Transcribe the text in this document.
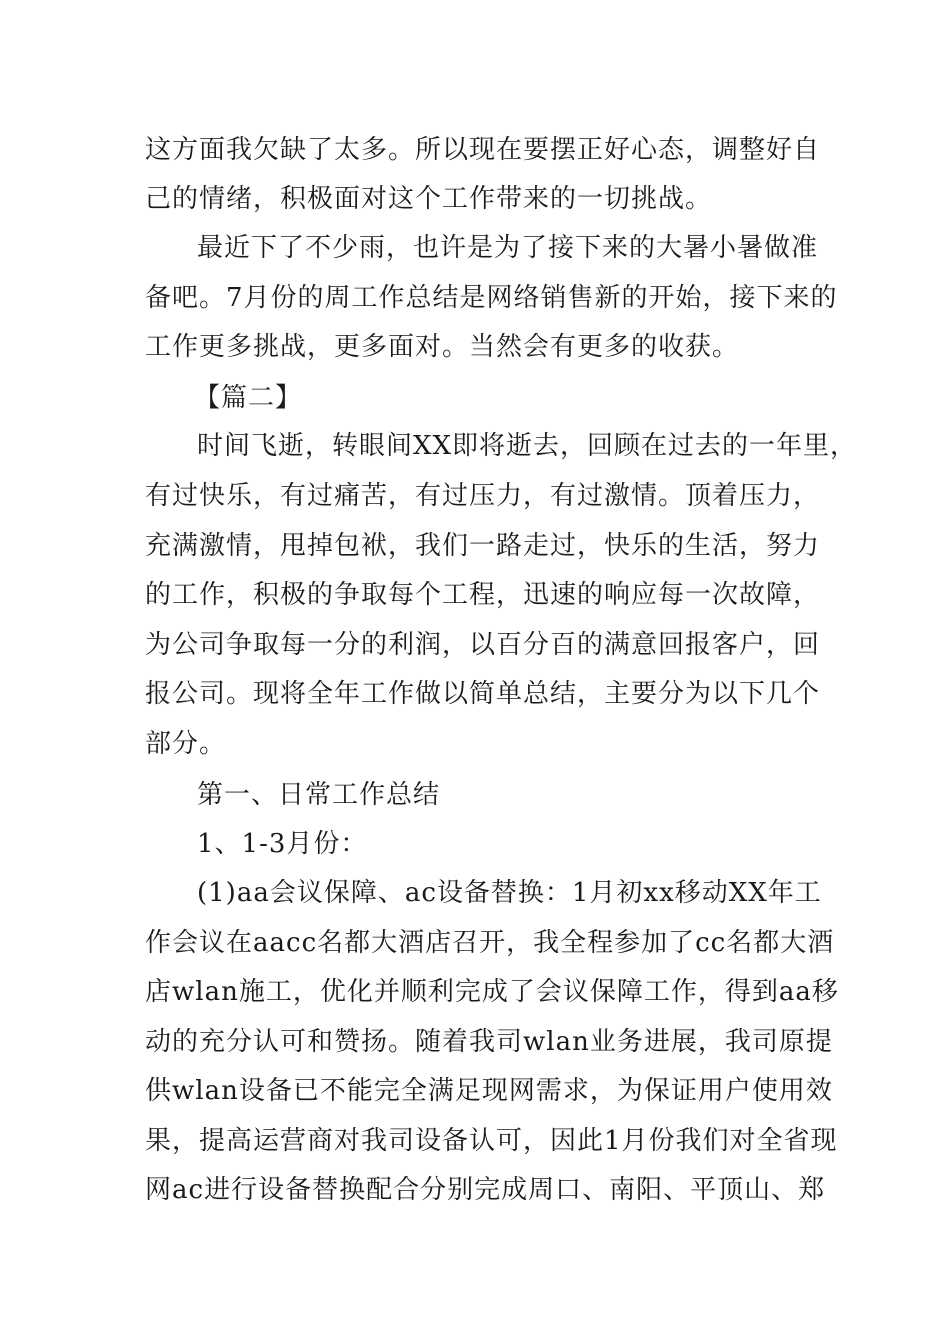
这方面我欠缺了太多。所以现在要摆正好心态，调整好自
己的情绪，积极面对这个工作带来的一切挑战。
最近下了不少雨，也许是为了接下来的大暑小暑做准
备吧。7月份的周工作总结是网络销售新的开始，接下来的
工作更多挑战，更多面对。当然会有更多的收获。
【篇二】
时间飞逝，转眼间XX即将逝去，回顾在过去的一年里，
有过快乐，有过痛苦，有过压力，有过激情。顶着压力，
充满激情，甩掉包袱，我们一路走过，快乐的生活，努力
的工作，积极的争取每个工程，迅速的响应每一次故障，
为公司争取每一分的利润，以百分百的满意回报客户，回
报公司。现将全年工作做以简单总结，主要分为以下几个
部分。
第一、日常工作总结
1、1-3月份：
(1)aa会议保障、ac设备替换：1月初xx移动XX年工
作会议在aacc名都大酒店召开，我全程参加了cc名都大酒
店wlan施工，优化并顺利完成了会议保障工作，得到aa移
动的充分认可和赞扬。随着我司wlan业务进展，我司原提
供wlan设备已不能完全满足现网需求，为保证用户使用效
果，提高运营商对我司设备认可，因此1月份我们对全省现
网ac进行设备替换配合分别完成周口、南阳、平顶山、郑
